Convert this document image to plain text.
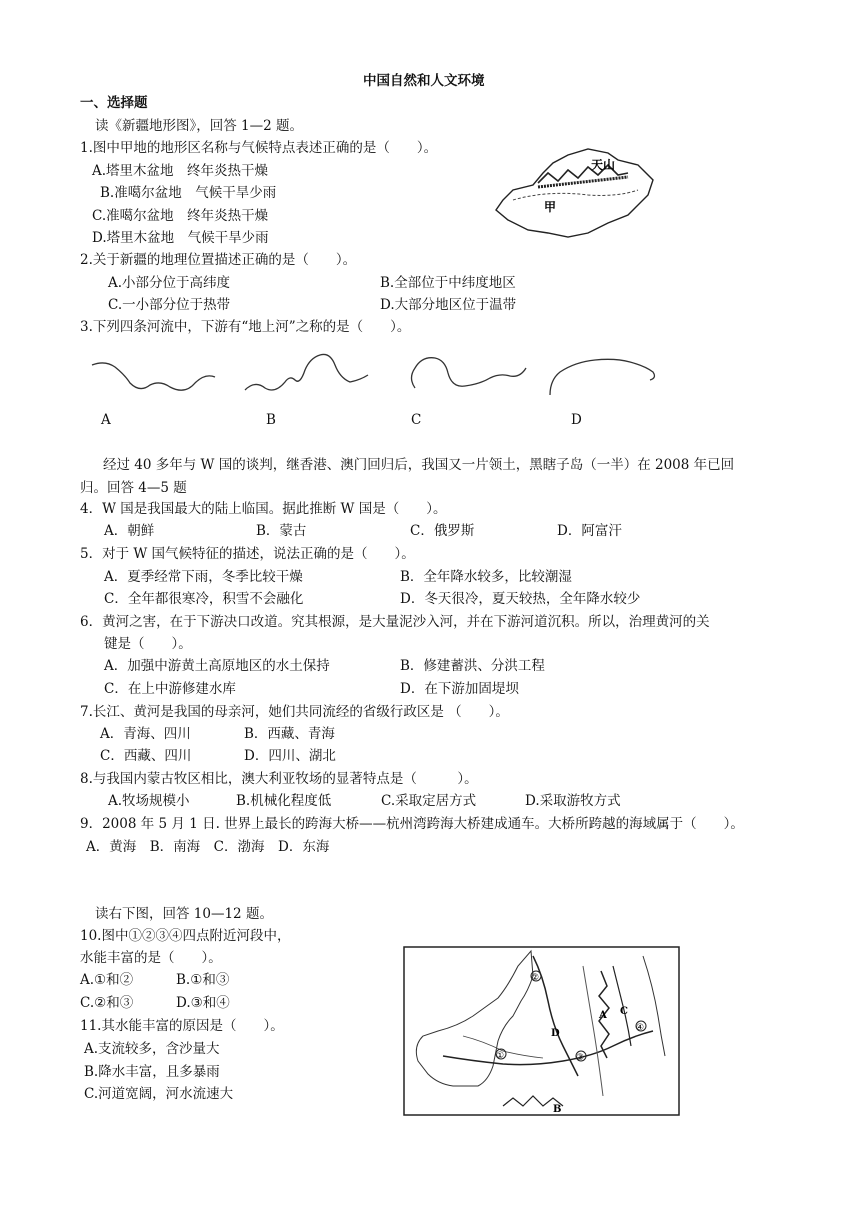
中国自然和人文环境
一、选择题
读《新疆地形图》，回答 1—2 题。
1.图中甲地的地形区名称与气候特点表述正确的是（　　）。
A.塔里木盆地　终年炎热干燥
B.准噶尔盆地　气候干旱少雨
C.准噶尔盆地　终年炎热干燥
D.塔里木盆地　气候干旱少雨
天山
甲
2.关于新疆的地理位置描述正确的是（　　）。
A.小部分位于高纬度	B.全部位于中纬度地区
C.一小部分位于热带	D.大部分地区位于温带
3.下列四条河流中，下游有“地上河”之称的是（　　）。
A	B	C	D
经过 40 多年与 W 国的谈判，继香港、澳门回归后，我国又一片领土，黑瞎子岛（一半）在 2008 年已回
归。回答 4—5 题
4．W 国是我国最大的陆上临国。据此推断 W 国是（　　）。
A．朝鲜	B．蒙古	C．俄罗斯	D．阿富汗
5．对于 W 国气候特征的描述，说法正确的是（　　）。
A．夏季经常下雨，冬季比较干燥	B．全年降水较多，比较潮湿
C．全年都很寒冷，积雪不会融化	D．冬天很冷，夏天较热，全年降水较少
6．黄河之害，在于下游决口改道。究其根源，是大量泥沙入河，并在下游河道沉积。所以，治理黄河的关
键是（　　）。
A．加强中游黄土高原地区的水土保持	B．修建蓄洪、分洪工程
C．在上中游修建水库	D．在下游加固堤坝
7.长江、黄河是我国的母亲河，她们共同流经的省级行政区是 （　　）。
A．青海、四川	B．西藏、青海
C．西藏、四川	D．四川、湖北
8.与我国内蒙古牧区相比，澳大利亚牧场的显著特点是（　　　）。
A.牧场规模小	B.机械化程度低	C.采取定居方式	D.采取游牧方式
9．2008 年 5 月 1 日. 世界上最长的跨海大桥——杭州湾跨海大桥建成通车。大桥所跨越的海域属于（　　）。
A．黄海　B．南海　C．渤海　D．东海
读右下图，回答 10—12 题。
10.图中①②③④四点附近河段中，
水能丰富的是（　　）。
A.①和②	B.①和③
C.②和③	D.③和④
11.其水能丰富的原因是（　　）。
A.支流较多，含沙量大
B.降水丰富，且多暴雨
C.河道宽阔，河水流速大
①
②
③
④
A
B
C
D
